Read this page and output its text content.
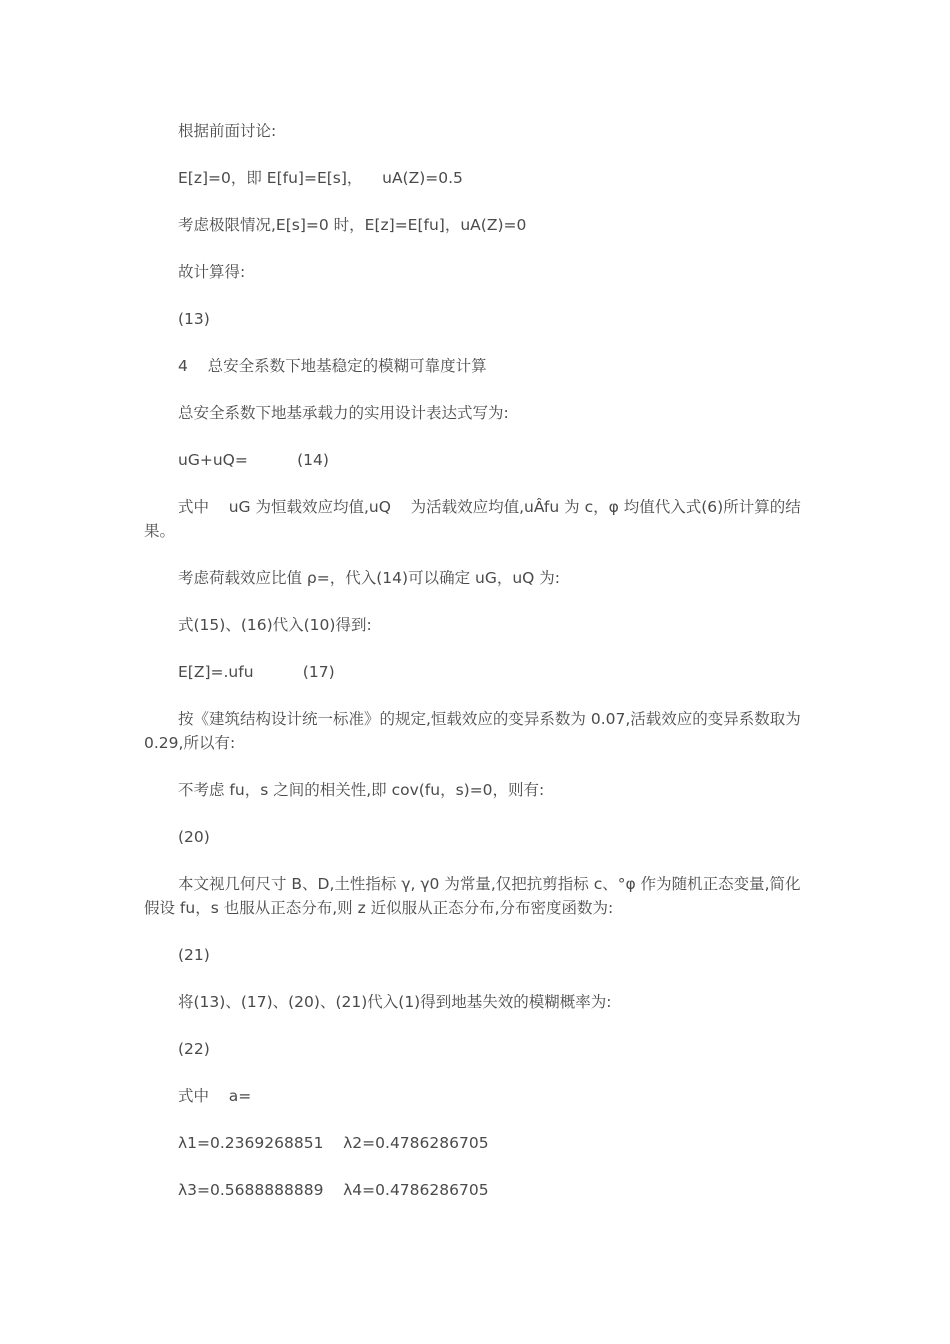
根据前面讨论:

E[z]=0，即 E[fu]=E[s]，    uA(Z)=0.5

考虑极限情况,E[s]=0 时，E[z]=E[fu]，uA(Z)=0

故计算得:

(13)

4    总安全系数下地基稳定的模糊可靠度计算

总安全系数下地基承载力的实用设计表达式写为:

uG+uQ=          (14)

式中    uG 为恒载效应均值,uQ    为活载效应均值,uÂfu 为 c，φ 均值代入式(6)所计算的结果。

考虑荷载效应比值 ρ=，代入(14)可以确定 uG，uQ 为:

式(15)、(16)代入(10)得到:

E[Z]=.ufu          (17)

按《建筑结构设计统一标准》的规定,恒载效应的变异系数为 0.07,活载效应的变异系数取为 0.29,所以有:

不考虑 fu，s 之间的相关性,即 cov(fu，s)=0，则有:

(20)

本文视几何尺寸 B、D,土性指标 γ, γ0 为常量,仅把抗剪指标 c、°φ 作为随机正态变量,简化假设 fu，s 也服从正态分布,则 z 近似服从正态分布,分布密度函数为:

(21)

将(13)、(17)、(20)、(21)代入(1)得到地基失效的模糊概率为:

(22)

式中    a=

λ1=0.2369268851    λ2=0.4786286705

λ3=0.5688888889    λ4=0.4786286705
